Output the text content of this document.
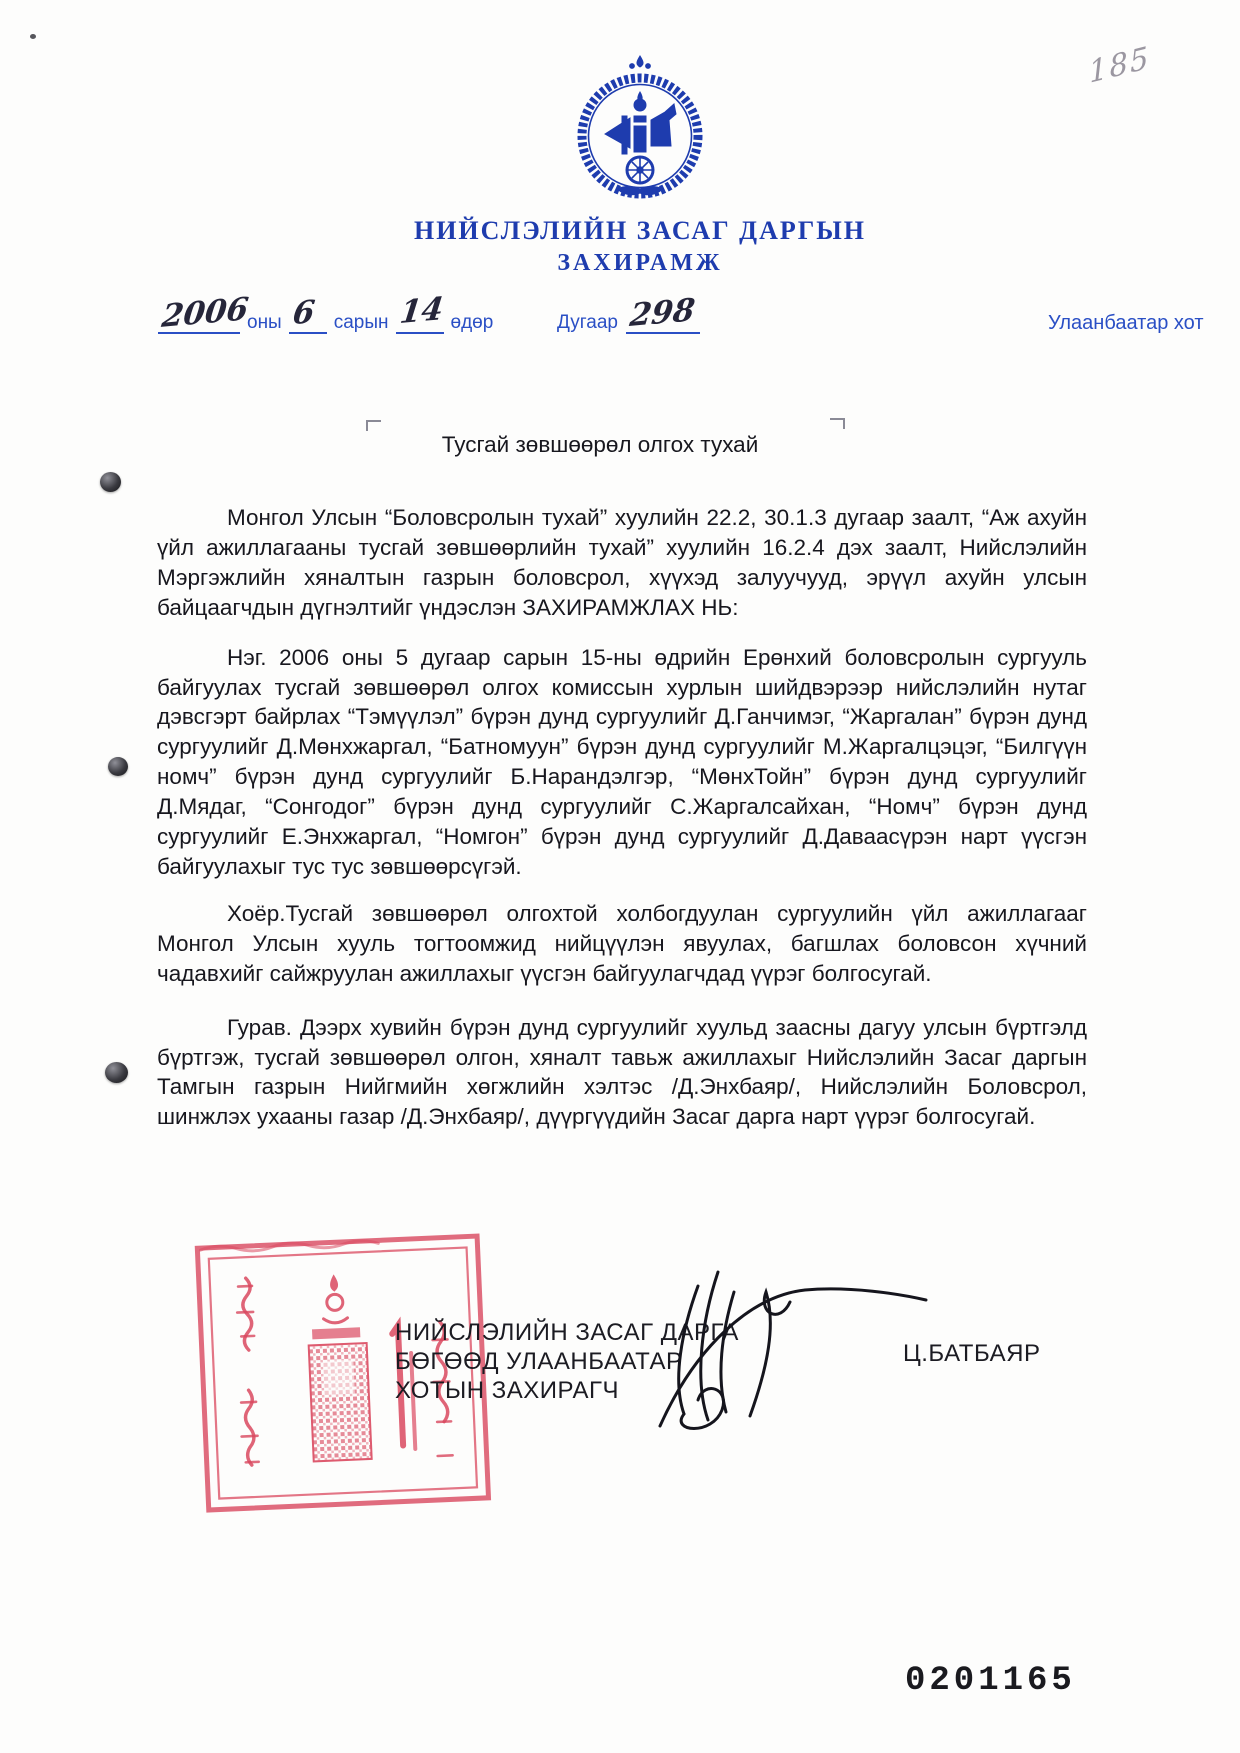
185
НИЙСЛЭЛИЙН ЗАСАГ ДАРГЫН
ЗАХИРАМЖ
2006
оны 6 сарын 14 өдөр	Дугаар 298	Улаанбаатар хот
Тусгай зөвшөөрөл олгох тухай

Монгол Улсын “Боловсролын тухай” хуулийн 22.2, 30.1.3 дугаар заалт, “Аж ахуйн үйл ажиллагааны тусгай зөвшөөрлийн тухай” хуулийн 16.2.4 дэх заалт, Нийслэлийн Мэргэжлийн хяналтын газрын боловсрол, хүүхэд залуучууд, эрүүл ахуйн улсын байцаагчдын дүгнэлтийг үндэслэн ЗАХИРАМЖЛАХ НЬ:

Нэг. 2006 оны 5 дугаар сарын 15-ны өдрийн Ерөнхий боловсролын сургууль байгуулах тусгай зөвшөөрөл олгох комиссын хурлын шийдвэрээр нийслэлийн нутаг дэвсгэрт байрлах “Тэмүүлэл” бүрэн дунд сургуулийг Д.Ганчимэг, “Жаргалан” бүрэн дунд сургуулийг Д.Мөнхжаргал, “Батномуун” бүрэн дунд сургуулийг М.Жаргалцэцэг, “Билгүүн номч” бүрэн дунд сургуулийг Б.Нарандэлгэр, “МөнхТойн” бүрэн дунд сургуулийг Д.Мядаг, “Сонгодог” бүрэн дунд сургуулийг С.Жаргалсайхан, “Номч” бүрэн дунд сургуулийг Е.Энхжаргал, “Номгон” бүрэн дунд сургуулийг Д.Даваасүрэн нарт үүсгэн байгуулахыг тус тус зөвшөөрсүгэй.

Хоёр.Тусгай зөвшөөрөл олгохтой холбогдуулан сургуулийн үйл ажиллагааг Монгол Улсын хууль тогтоомжид нийцүүлэн явуулах, багшлах боловсон хүчний чадавхийг сайжруулан ажиллахыг үүсгэн байгуулагчдад үүрэг болгосугай.

Гурав. Дээрх хувийн бүрэн дунд сургуулийг хуульд заасны дагуу улсын бүртгэлд бүртгэж, тусгай зөвшөөрөл олгон, хяналт тавьж ажиллахыг Нийслэлийн Засаг даргын Тамгын газрын Нийгмийн хөгжлийн хэлтэс /Д.Энхбаяр/, Нийслэлийн Боловсрол, шинжлэх ухааны газар /Д.Энхбаяр/, дүүргүүдийн Засаг дарга нарт үүрэг болгосугай.

НИЙСЛЭЛИЙН ЗАСАГ ДАРГА
БӨГӨӨД УЛААНБААТАР
ХОТЫН ЗАХИРАГЧ
Ц.БАТБАЯР
0201165
